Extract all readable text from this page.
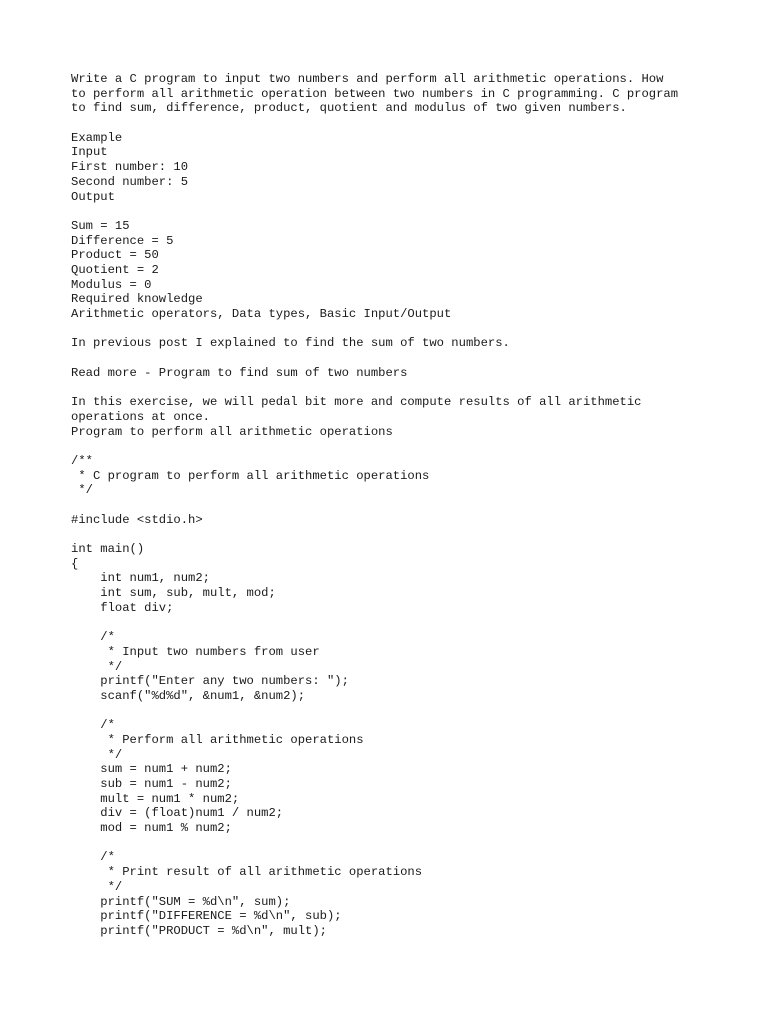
Write a C program to input two numbers and perform all arithmetic operations. How
to perform all arithmetic operation between two numbers in C programming. C program
to find sum, difference, product, quotient and modulus of two given numbers.
Example
Input
First number: 10
Second number: 5
Output
Sum = 15
Difference = 5
Product = 50
Quotient = 2
Modulus = 0
Required knowledge
Arithmetic operators, Data types, Basic Input/Output
In previous post I explained to find the sum of two numbers.
Read more - Program to find sum of two numbers
In this exercise, we will pedal bit more and compute results of all arithmetic
operations at once.
Program to perform all arithmetic operations
/**
* C program to perform all arithmetic operations
*/
#include <stdio.h>
int main()
{
int num1, num2;
int sum, sub, mult, mod;
float div;
/*
* Input two numbers from user
*/
printf("Enter any two numbers: ");
scanf("%d%d", &num1, &num2);
/*
* Perform all arithmetic operations
*/
sum = num1 + num2;
sub = num1 - num2;
mult = num1 * num2;
div = (float)num1 / num2;
mod = num1 % num2;
/*
* Print result of all arithmetic operations
*/
printf("SUM = %d\n", sum);
printf("DIFFERENCE = %d\n", sub);
printf("PRODUCT = %d\n", mult);
